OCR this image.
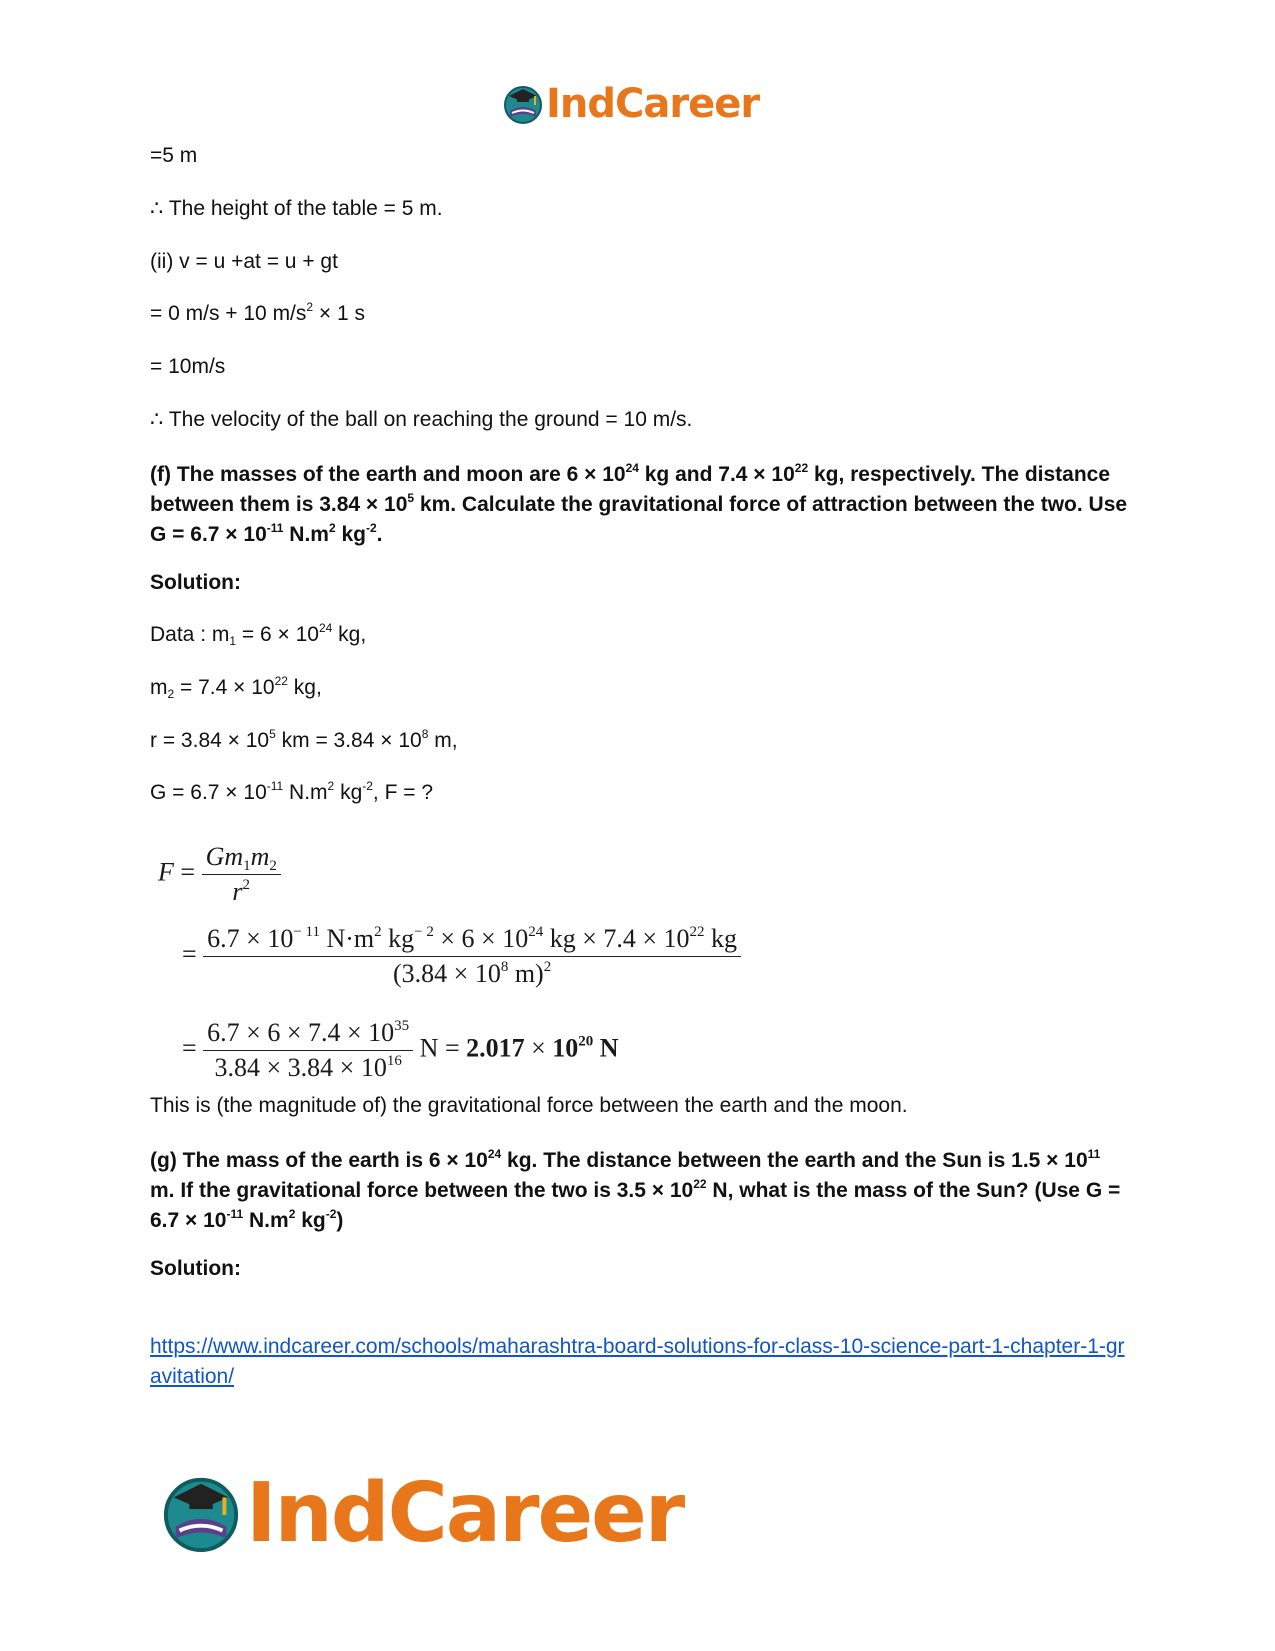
IndCareer
=5 m
∴ The height of the table = 5 m.
(ii) v = u +at = u + gt
= 0 m/s + 10 $m/s^2 \times 1$ s
= 10m/s
∴ The velocity of the ball on reaching the ground = 10 m/s.
(f) The masses of the earth and moon are $6 \times 10^{24}$ kg and $7.4 \times 10^{22}$ kg, respectively. The distance between them is $3.84 \times 10^5$ km. Calculate the gravitational force of attraction between the two. Use $G = 6.7 \times 10^{-11}$ $N.m^2$ $kg^{-2}$.
Solution:
Data : $m_1 = 6 \times 10^{24}$ kg,
$m_2 = 7.4 \times 10^{22}$ kg,
$r = 3.84 \times 10^5$ km = $3.84 \times 10^8$ m,
$G = 6.7 \times 10^{-11}$ $N.m^2$ $kg^{-2}$, F = ?
$F = \frac{Gm_1m_2}{r^2}$
= $\frac{6.7 \times 10^{- 11} N\cdot m^2 kg^{- 2} \times 6 \times 10^{24} kg \times 7.4 \times 10^{22} kg}{(3.84 \times 10^8 m)^2}$
= $\frac{6.7 \times 6 \times 7.4 \times 10^{35}}{3.84 \times 3.84 \times 10^{16}}$ $N = 2.017 \times 10^{20}$ N
This is (the magnitude of) the gravitational force between the earth and the moon.
(g) The mass of the earth is $6 \times 10^{24}$ kg. The distance between the earth and the Sun is $1.5 \times 10^{11}$ m. If the gravitational force between the two is $3.5 \times 10^{22}$ N, what is the mass of the Sun? (Use $G = 6.7 \times 10^{-11}$ $N.m^2$ $kg^{-2}$)
Solution:
https://www.indcareer.com/schools/maharashtra-board-solutions-for-class-10-science-part-1-chapter-1-gravitation/
IndCareer
